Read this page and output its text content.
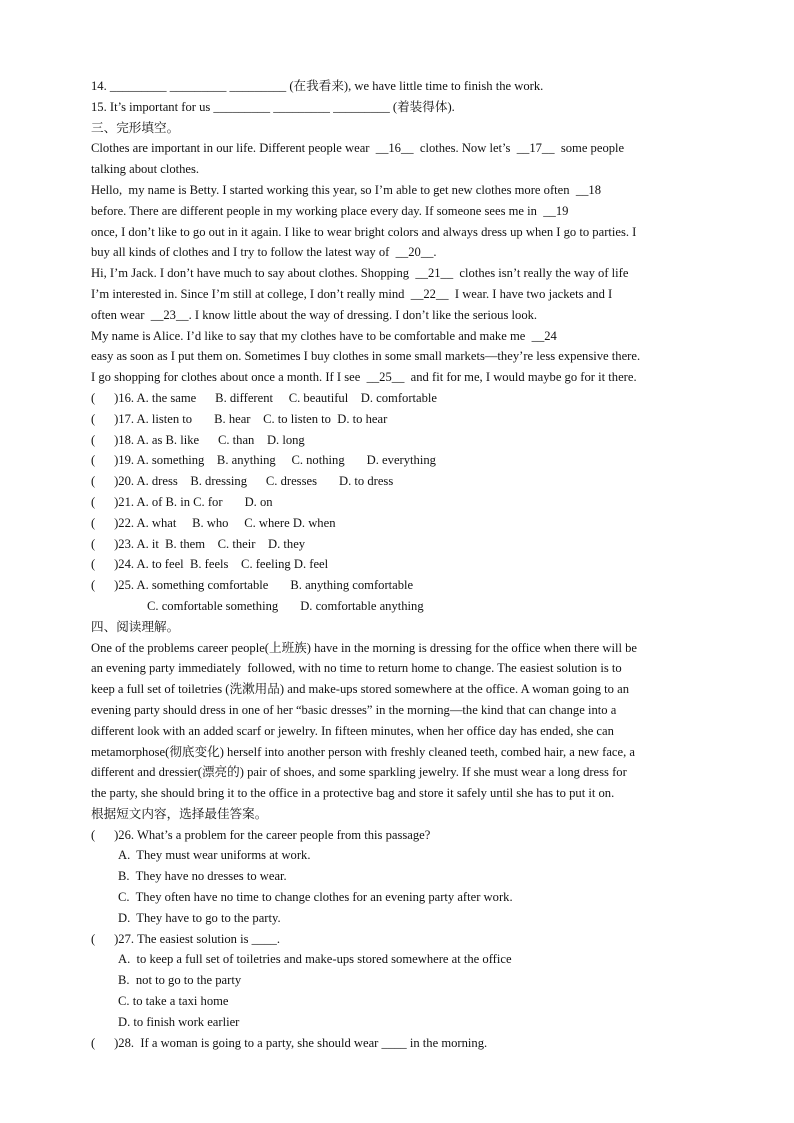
14. _________ _________ _________ (在我看来), we have little time to finish the work.
15. It’s important for us _________ _________ _________ (着装得体).
三、完形填空。
Clothes are important in our life. Different people wear  __16__  clothes. Now let’s  __17__  some people
talking about clothes.
Hello,  my name is Betty. I started working this year, so I’m able to get new clothes more often  __18
before. There are different people in my working place every day. If someone sees me in  __19
once, I don’t like to go out in it again. I like to wear bright colors and always dress up when I go to parties. I
buy all kinds of clothes and I try to follow the latest way of  __20__.
Hi, I’m Jack. I don’t have much to say about clothes. Shopping  __21__  clothes isn’t really the way of life
I’m interested in. Since I’m still at college, I don’t really mind  __22__  I wear. I have two jackets and I
often wear  __23__. I know little about the way of dressing. I don’t like the serious look.
My name is Alice. I’d like to say that my clothes have to be comfortable and make me  __24
easy as soon as I put them on. Sometimes I buy clothes in some small markets—they’re less expensive there.
I go shopping for clothes about once a month. If I see  __25__  and fit for me, I would maybe go for it there.
(      )16. A. the same      B. different     C. beautiful    D. comfortable
(      )17. A. listen to       B. hear    C. to listen to  D. to hear
(      )18. A. as B. like      C. than    D. long
(      )19. A. something    B. anything     C. nothing       D. everything
(      )20. A. dress    B. dressing      C. dresses       D. to dress
(      )21. A. of B. in C. for       D. on
(      )22. A. what     B. who     C. where D. when
(      )23. A. it  B. them    C. their    D. they
(      )24. A. to feel  B. feels    C. feeling D. feel
(      )25. A. something comfortable       B. anything comfortable
C. comfortable something       D. comfortable anything
四、阅读理解。
One of the problems career people(上班族) have in the morning is dressing for the office when there will be
an evening party immediately  followed, with no time to return home to change. The easiest solution is to
keep a full set of toiletries (洗漱用品) and make-ups stored somewhere at the office. A woman going to an
evening party should dress in one of her “basic dresses” in the morning—the kind that can change into a
different look with an added scarf or jewelry. In fifteen minutes, when her office day has ended, she can
metamorphose(彻底变化) herself into another person with freshly cleaned teeth, combed hair, a new face, a
different and dressier(漂亮的) pair of shoes, and some sparkling jewelry. If she must wear a long dress for
the party, she should bring it to the office in a protective bag and store it safely until she has to put it on.
根据短文内容，选择最佳答案。
(      )26. What’s a problem for the career people from this passage?
A.  They must wear uniforms at work.
B.  They have no dresses to wear.
C.  They often have no time to change clothes for an evening party after work.
D.  They have to go to the party.
(      )27. The easiest solution is ____.
A.  to keep a full set of toiletries and make-ups stored somewhere at the office
B.  not to go to the party
C. to take a taxi home
D. to finish work earlier
(      )28.  If a woman is going to a party, she should wear ____ in the morning.
